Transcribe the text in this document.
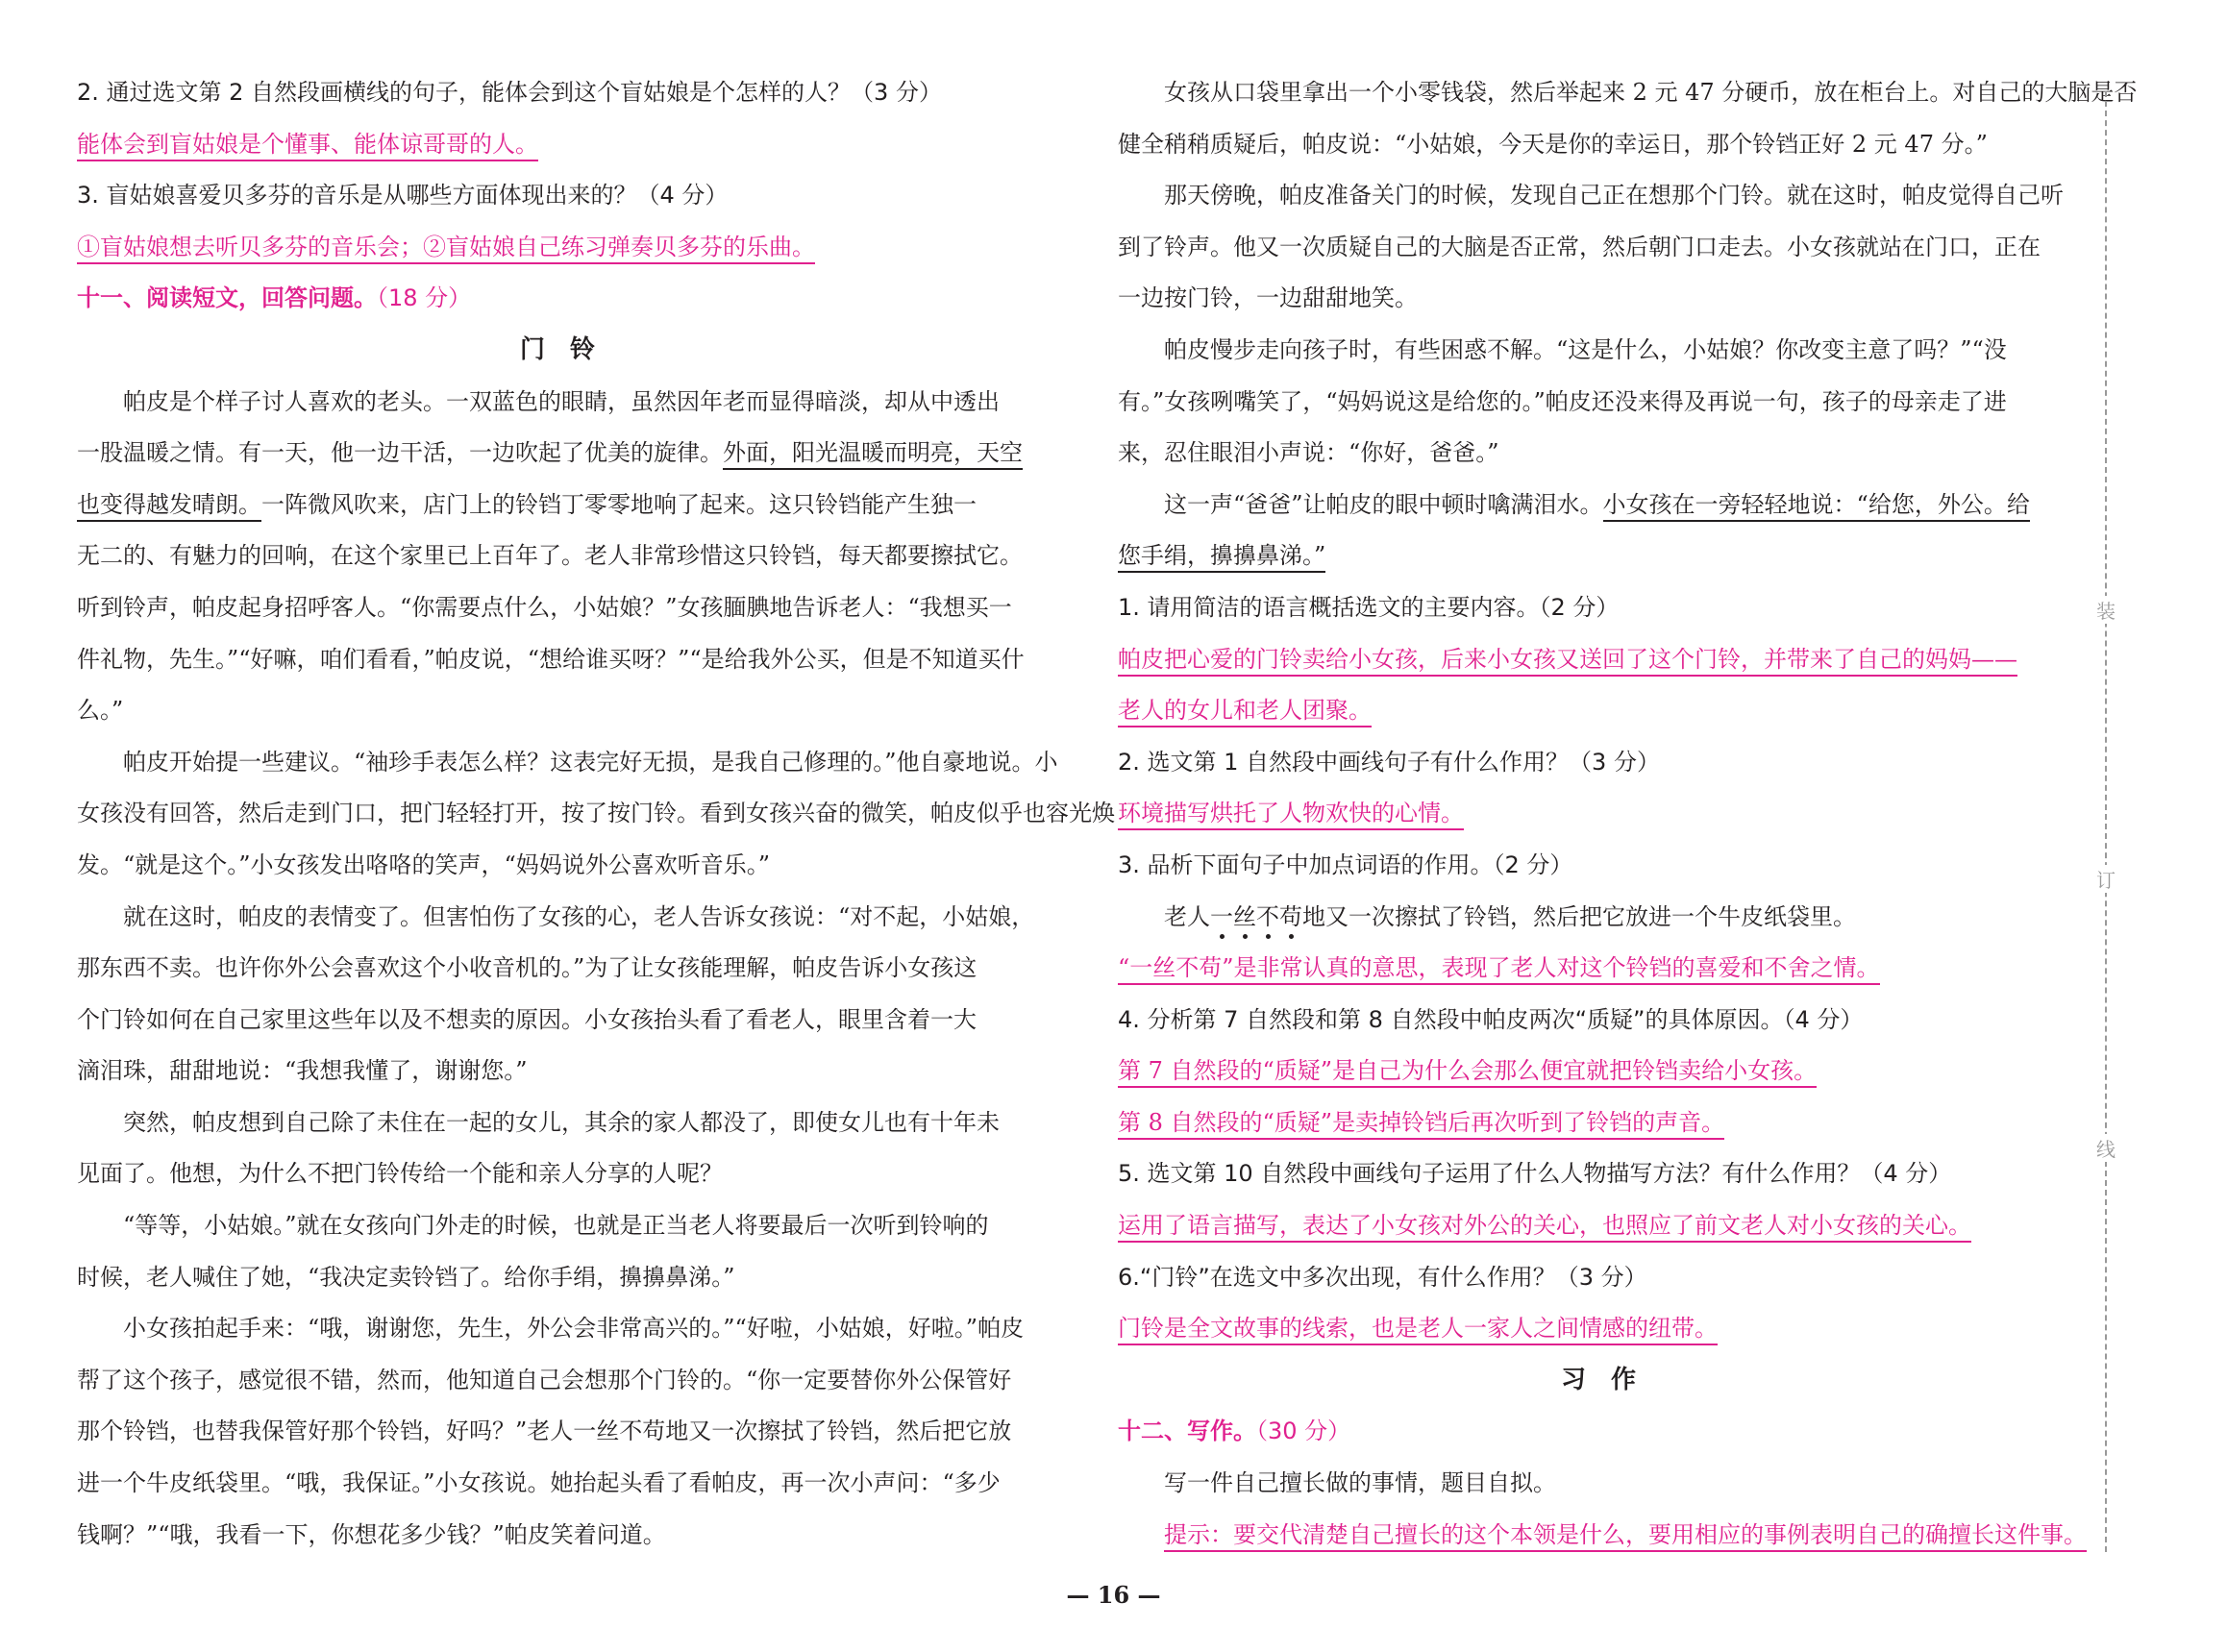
2. 通过选文第 2 自然段画横线的句子，能体会到这个盲姑娘是个怎样的人？（3 分）
能体会到盲姑娘是个懂事、能体谅哥哥的人。
3. 盲姑娘喜爱贝多芬的音乐是从哪些方面体现出来的？（4 分）
①盲姑娘想去听贝多芬的音乐会；②盲姑娘自己练习弹奏贝多芬的乐曲。
十一、阅读短文，回答问题。（18 分）
门铃
帕皮是个样子讨人喜欢的老头。一双蓝色的眼睛，虽然因年老而显得暗淡，却从中透出
一股温暖之情。有一天，他一边干活，一边吹起了优美的旋律。外面，阳光温暖而明亮，天空
也变得越发晴朗。一阵微风吹来，店门上的铃铛丁零零地响了起来。这只铃铛能产生独一
无二的、有魅力的回响，在这个家里已上百年了。老人非常珍惜这只铃铛，每天都要擦拭它。
听到铃声，帕皮起身招呼客人。“你需要点什么，小姑娘？”女孩腼腆地告诉老人：“我想买一
件礼物，先生。”“好嘛，咱们看看，”帕皮说，“想给谁买呀？”“是给我外公买，但是不知道买什
么。”
帕皮开始提一些建议。“袖珍手表怎么样？这表完好无损，是我自己修理的。”他自豪地说。小
女孩没有回答，然后走到门口，把门轻轻打开，按了按门铃。看到女孩兴奋的微笑，帕皮似乎也容光焕
发。“就是这个。”小女孩发出咯咯的笑声，“妈妈说外公喜欢听音乐。”
就在这时，帕皮的表情变了。但害怕伤了女孩的心，老人告诉女孩说：“对不起，小姑娘，
那东西不卖。也许你外公会喜欢这个小收音机的。”为了让女孩能理解，帕皮告诉小女孩这
个门铃如何在自己家里这些年以及不想卖的原因。小女孩抬头看了看老人，眼里含着一大
滴泪珠，甜甜地说：“我想我懂了，谢谢您。”
突然，帕皮想到自己除了未住在一起的女儿，其余的家人都没了，即使女儿也有十年未
见面了。他想，为什么不把门铃传给一个能和亲人分享的人呢？
“等等，小姑娘。”就在女孩向门外走的时候，也就是正当老人将要最后一次听到铃响的
时候，老人喊住了她，“我决定卖铃铛了。给你手绢，擤擤鼻涕。”
小女孩拍起手来：“哦，谢谢您，先生，外公会非常高兴的。”“好啦，小姑娘，好啦。”帕皮
帮了这个孩子，感觉很不错，然而，他知道自己会想那个门铃的。“你一定要替你外公保管好
那个铃铛，也替我保管好那个铃铛，好吗？”老人一丝不苟地又一次擦拭了铃铛，然后把它放
进一个牛皮纸袋里。“哦，我保证。”小女孩说。她抬起头看了看帕皮，再一次小声问：“多少
钱啊？”“哦，我看一下，你想花多少钱？”帕皮笑着问道。
女孩从口袋里拿出一个小零钱袋，然后举起来 2 元 47 分硬币，放在柜台上。对自己的大脑是否
健全稍稍质疑后，帕皮说：“小姑娘，今天是你的幸运日，那个铃铛正好 2 元 47 分。”
那天傍晚，帕皮准备关门的时候，发现自己正在想那个门铃。就在这时，帕皮觉得自己听
到了铃声。他又一次质疑自己的大脑是否正常，然后朝门口走去。小女孩就站在门口，正在
一边按门铃，一边甜甜地笑。
帕皮慢步走向孩子时，有些困惑不解。“这是什么，小姑娘？你改变主意了吗？”“没
有。”女孩咧嘴笑了，“妈妈说这是给您的。”帕皮还没来得及再说一句，孩子的母亲走了进
来，忍住眼泪小声说：“你好，爸爸。”
这一声“爸爸”让帕皮的眼中顿时噙满泪水。小女孩在一旁轻轻地说：“给您，外公。给
您手绢，擤擤鼻涕。”
1. 请用简洁的语言概括选文的主要内容。（2 分）
帕皮把心爱的门铃卖给小女孩，后来小女孩又送回了这个门铃，并带来了自己的妈妈——
老人的女儿和老人团聚。
2. 选文第 1 自然段中画线句子有什么作用？（3 分）
环境描写烘托了人物欢快的心情。
3. 品析下面句子中加点词语的作用。（2 分）
老人一丝不苟地又一次擦拭了铃铛，然后把它放进一个牛皮纸袋里。
“一丝不苟”是非常认真的意思，表现了老人对这个铃铛的喜爱和不舍之情。
4. 分析第 7 自然段和第 8 自然段中帕皮两次“质疑”的具体原因。（4 分）
第 7 自然段的“质疑”是自己为什么会那么便宜就把铃铛卖给小女孩。
第 8 自然段的“质疑”是卖掉铃铛后再次听到了铃铛的声音。
5. 选文第 10 自然段中画线句子运用了什么人物描写方法？有什么作用？（4 分）
运用了语言描写，表达了小女孩对外公的关心，也照应了前文老人对小女孩的关心。
6.“门铃”在选文中多次出现，有什么作用？（3 分）
门铃是全文故事的线索，也是老人一家人之间情感的纽带。
习作
十二、写作。（30 分）
写一件自己擅长做的事情，题目自拟。
提示：要交代清楚自己擅长的这个本领是什么，要用相应的事例表明自己的确擅长这件事。
装
订
线
— 16 —
